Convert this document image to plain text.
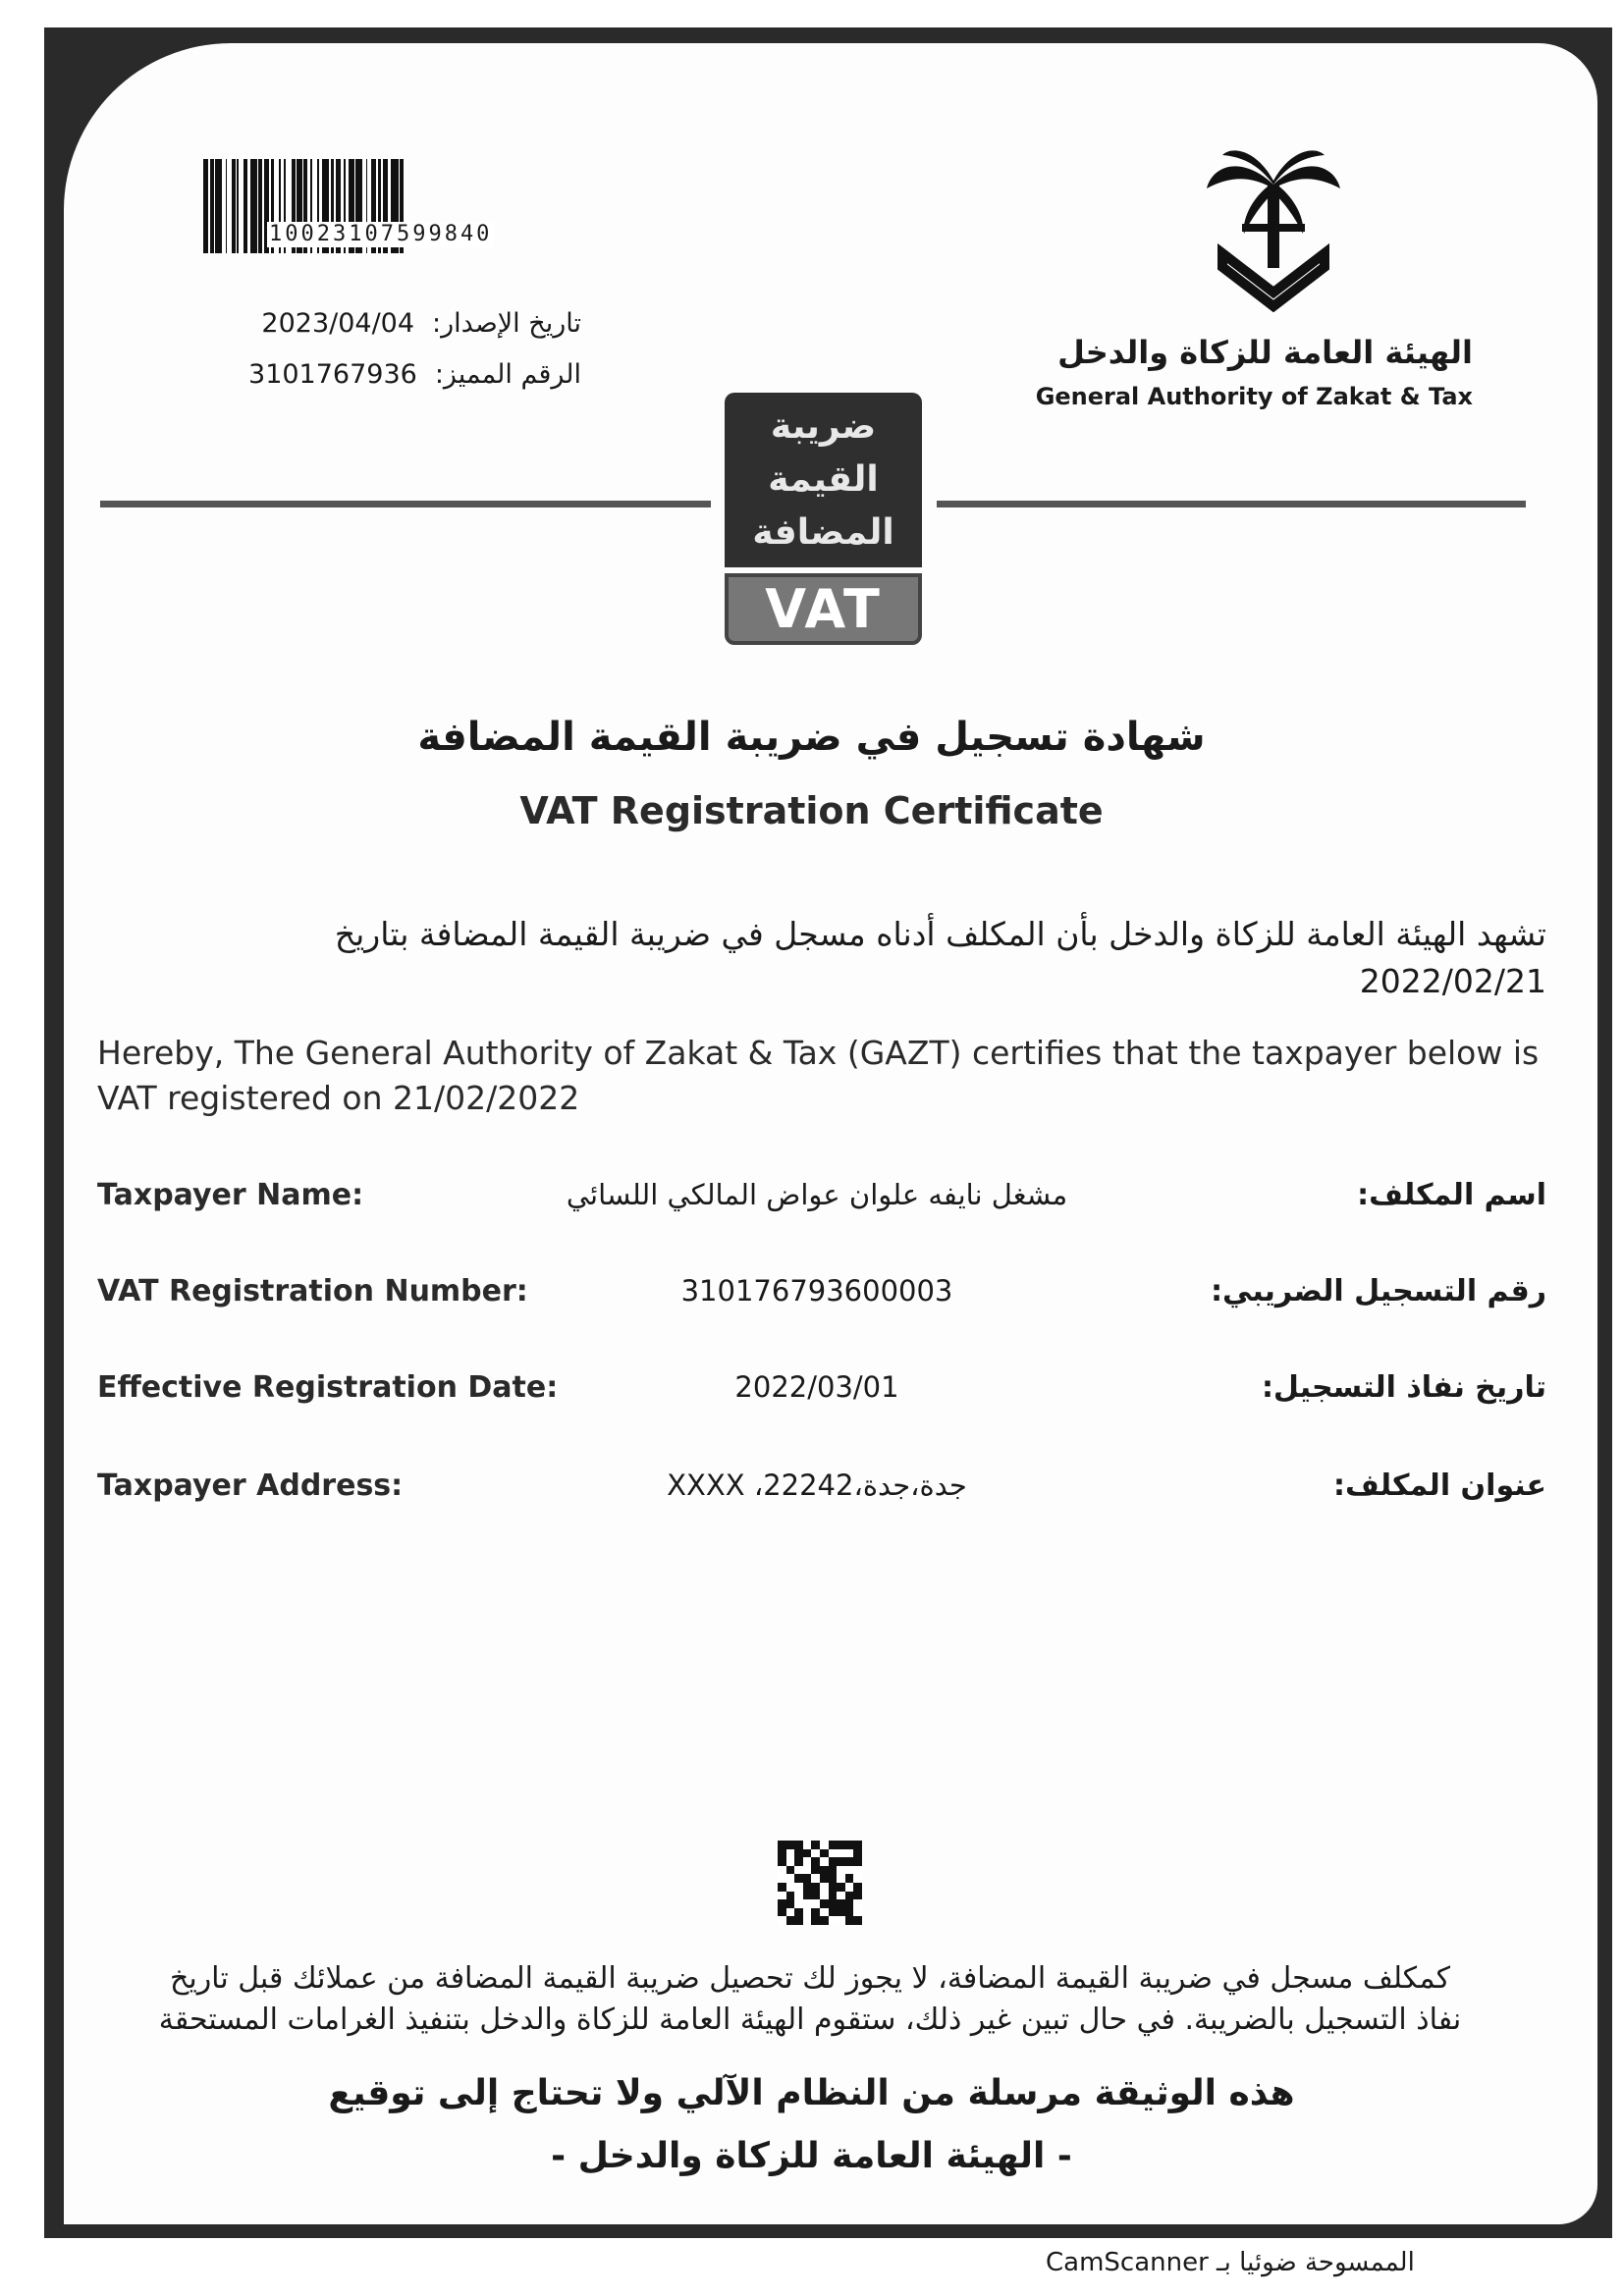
10023107599840
تاريخ الإصدار:2023/04/04
الرقم المميز:3101767936
الهيئة العامة للزكاة والدخل
General Authority of Zakat & Tax
ضريبة
القيمة
المضافة
VAT
شهادة تسجيل في ضريبة القيمة المضافة
VAT Registration Certificate
تشهد الهيئة العامة للزكاة والدخل بأن المكلف أدناه مسجل في ضريبة القيمة المضافة بتاريخ 2022/02/21
Hereby, The General Authority of Zakat & Tax (GAZT) certifies that the taxpayer below is VAT registered on 21/02/2022
Taxpayer Name:	مشغل نايفه علوان عواض المالكي اللسائي	اسم المكلف:
VAT Registration Number:	310176793600003	رقم التسجيل الضريبي:
Effective Registration Date:	2022/03/01	تاريخ نفاذ التسجيل:
Taxpayer Address:	جدة،جدة،22242، XXXX	عنوان المكلف:
كمكلف مسجل في ضريبة القيمة المضافة، لا يجوز لك تحصيل ضريبة القيمة المضافة من عملائك قبل تاريخ
نفاذ التسجيل بالضريبة. في حال تبين غير ذلك، ستقوم الهيئة العامة للزكاة والدخل بتنفيذ الغرامات المستحقة
هذه الوثيقة مرسلة من النظام الآلي ولا تحتاج إلى توقيع
- الهيئة العامة للزكاة والدخل -
الممسوحة ضوئيا بـ CamScanner
